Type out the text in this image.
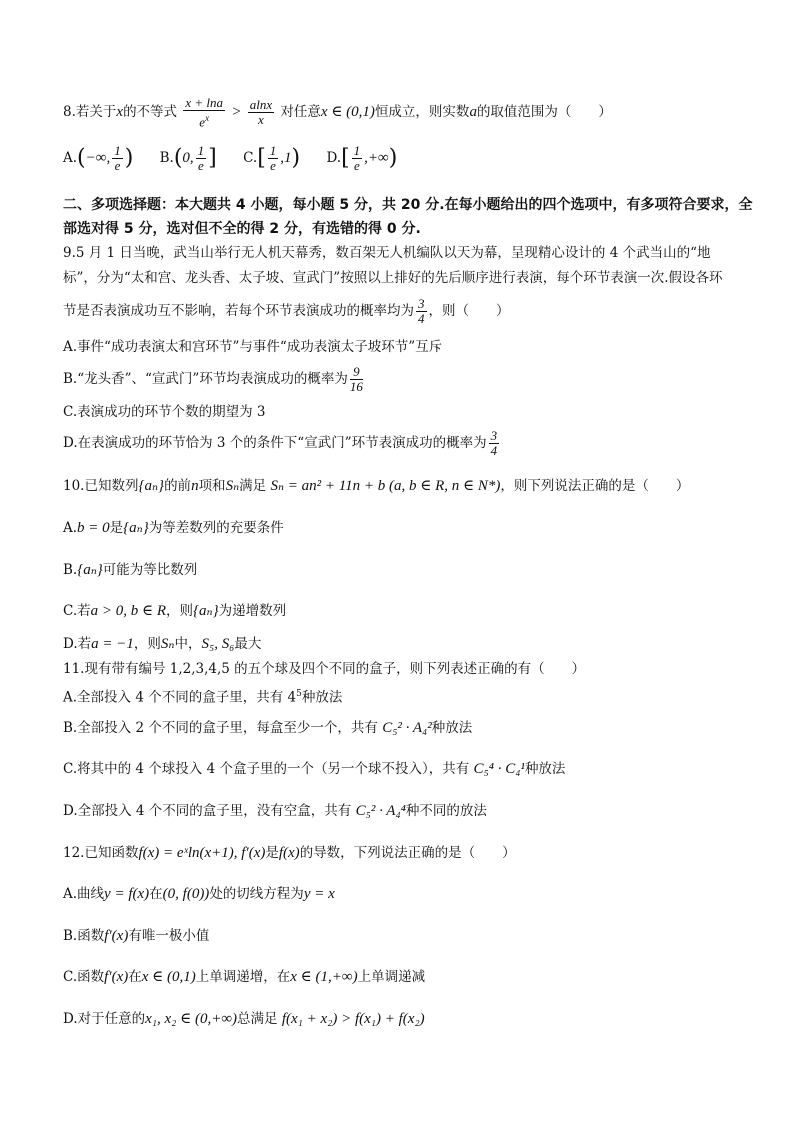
8.若关于x的不等式 $\frac{x + \ln a}{e^x} > \frac{alnx}{x}$ 对任意x ∈ (0,1)恒成立，则实数a的取值范围为（　　）
A.(−∞, $\frac{1}{e}$ ) B.(0, $\frac{1}{e}$ ] $C.[ \frac{1}{e} ,1)$ $D.[ \frac{1}{e}$ ,+∞)
二、多项选择题：本大题共 4 小题，每小题 5 分，共 20 分.在每小题给出的四个选项中，有多项符合要求，全部选对得 5 分，选对但不全的得 2 分，有选错的得 0 分.
9.5 月 1 日当晚，武当山举行无人机天幕秀，数百架无人机编队以天为幕，呈现精心设计的 4 个武当山的“地
标”，分为“太和宫、龙头香、太子坡、宣武门”按照以上排好的先后顺序进行表演，每个环节表演一次.假设各环
节是否表演成功互不影响，若每个环节表演成功的概率均为 $\frac{3}{4}$ ，则（　　）
A.事件“成功表演太和宫环节”与事件“成功表演太子坡环节”互斥
B.“龙头香”、“宣武门”环节均表演成功的概率为 $\frac{9}{16}$
C.表演成功的环节个数的期望为 3
D.在表演成功的环节恰为 3 个的条件下“宣武门”环节表演成功的概率为 $\frac{3}{4}$
10.已知数列{aₙ}的前n项和Sₙ满足 Sₙ = an² + 11n + b (a, b ∈ R, n ∈ N*)，则下列说法正确的是（　　）
A.b = 0是{aₙ}为等差数列的充要条件
B.{aₙ}可能为等比数列
C.若a > 0, b ∈ R，则{aₙ}为递增数列
D.若a = −1，则Sₙ中，S₅, S₆最大
11.现有带有编号 1,2,3,4,5 的五个球及四个不同的盒子，则下列表述正确的有（　　）
A.全部投入 4 个不同的盒子里，共有 $4^5$种放法
B.全部投入 2 个不同的盒子里，每盒至少一个，共有 C₅² · A₄²种放法
C.将其中的 4 个球投入 4 个盒子里的一个（另一个球不投入），共有 C₅⁴ · C₄¹种放法
D.全部投入 4 个不同的盒子里，没有空盒，共有 C₅² · A₄⁴种不同的放法
12.已知函数f(x) = eˣln(x+1), f′(x)是f(x)的导数，下列说法正确的是（　　）
A.曲线y = f(x)在(0, f(0))处的切线方程为y = x
B.函数f′(x)有唯一极小值
C.函数f′(x)在x ∈ (0,1)上单调递增，在x ∈ (1,+∞)上单调递减
D.对于任意的x₁, x₂ ∈ (0,+∞)总满足 f(x₁ + x₂) > f(x₁) + f(x₂)
